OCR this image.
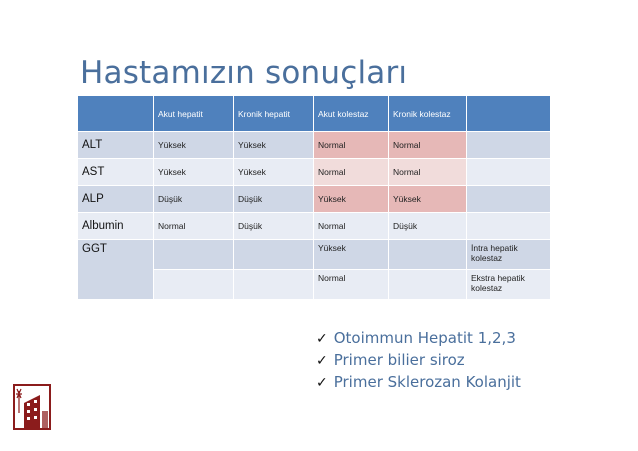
Hastamızın sonuçları
	Akut hepatit	Kronik hepatit	Akut kolestaz	Kronik kolestaz	
ALT	Yüksek	Yüksek	Normal	Normal	
AST	Yüksek	Yüksek	Normal	Normal	
ALP	Düşük	Düşük	Yüksek	Yüksek	
Albumin	Normal	Düşük	Normal	Düşük	
GGT			Yüksek		İntra hepatik kolestaz
			Normal		Ekstra hepatik kolestaz
✓ Otoimmun Hepatit 1,2,3
✓ Primer bilier siroz
✓ Primer Sklerozan Kolanjit
